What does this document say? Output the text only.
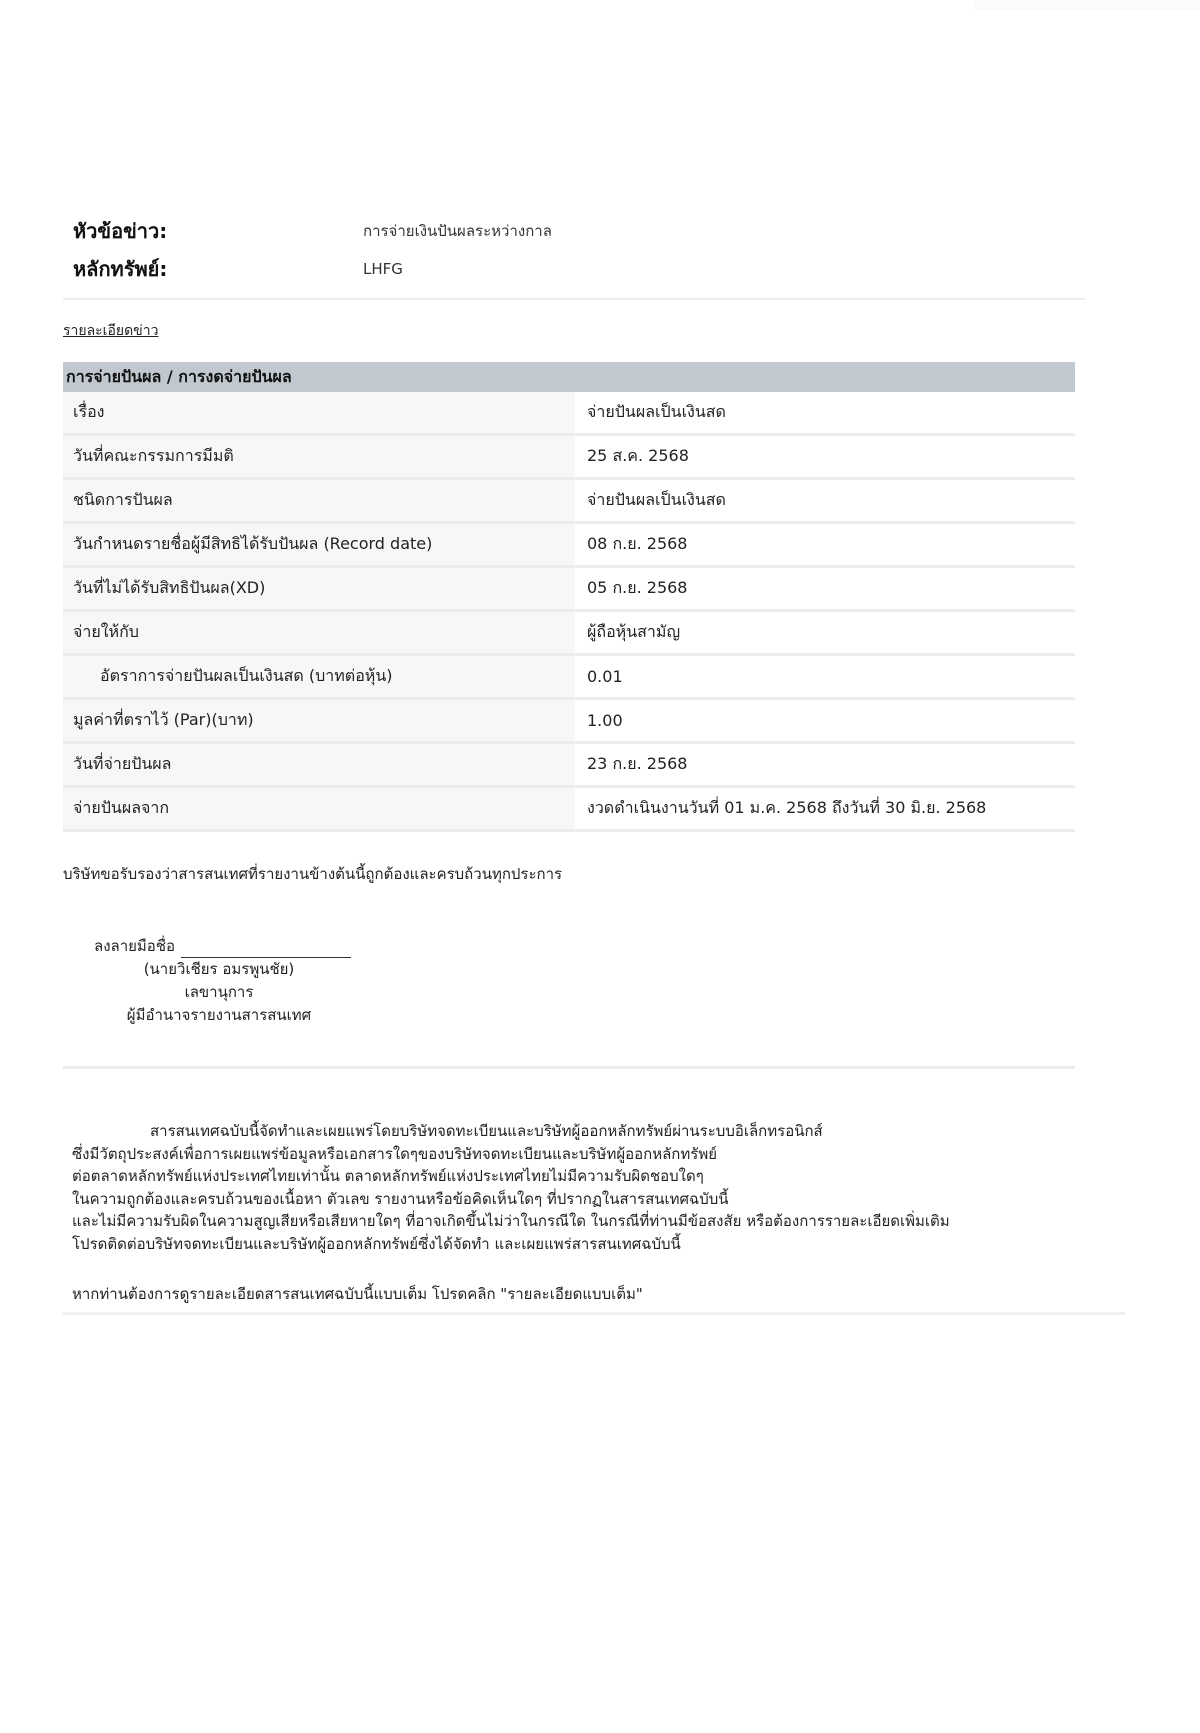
หัวข้อข่าว:	การจ่ายเงินปันผลระหว่างกาล
หลักทรัพย์:	LHFG
รายละเอียดข่าว
การจ่ายปันผล / การงดจ่ายปันผล
เรื่อง	จ่ายปันผลเป็นเงินสด
วันที่คณะกรรมการมีมติ	25 ส.ค. 2568
ชนิดการปันผล	จ่ายปันผลเป็นเงินสด
วันกำหนดรายชื่อผู้มีสิทธิได้รับปันผล (Record date)	08 ก.ย. 2568
วันที่ไม่ได้รับสิทธิปันผล(XD)	05 ก.ย. 2568
จ่ายให้กับ	ผู้ถือหุ้นสามัญ
อัตราการจ่ายปันผลเป็นเงินสด (บาทต่อหุ้น)	0.01
มูลค่าที่ตราไว้ (Par)(บาท)	1.00
วันที่จ่ายปันผล	23 ก.ย. 2568
จ่ายปันผลจาก	งวดดำเนินงานวันที่ 01 ม.ค. 2568 ถึงวันที่ 30 มิ.ย. 2568
บริษัทขอรับรองว่าสารสนเทศที่รายงานข้างต้นนี้ถูกต้องและครบถ้วนทุกประการ
ลงลายมือชื่อ
(นายวิเชียร อมรพูนชัย)
เลขานุการ
ผู้มีอำนาจรายงานสารสนเทศ

สารสนเทศฉบับนี้จัดทำและเผยแพร่โดยบริษัทจดทะเบียนและบริษัทผู้ออกหลักทรัพย์ผ่านระบบอิเล็กทรอนิกส์

ซึ่งมีวัตถุประสงค์เพื่อการเผยแพร่ข้อมูลหรือเอกสารใดๆของบริษัทจดทะเบียนและบริษัทผู้ออกหลักทรัพย์

ต่อตลาดหลักทรัพย์แห่งประเทศไทยเท่านั้น ตลาดหลักทรัพย์แห่งประเทศไทยไม่มีความรับผิดชอบใดๆ

ในความถูกต้องและครบถ้วนของเนื้อหา ตัวเลข รายงานหรือข้อคิดเห็นใดๆ ที่ปรากฏในสารสนเทศฉบับนี้

และไม่มีความรับผิดในความสูญเสียหรือเสียหายใดๆ ที่อาจเกิดขึ้นไม่ว่าในกรณีใด ในกรณีที่ท่านมีข้อสงสัย หรือต้องการรายละเอียดเพิ่มเติม

โปรดติดต่อบริษัทจดทะเบียนและบริษัทผู้ออกหลักทรัพย์ซึ่งได้จัดทำ และเผยแพร่สารสนเทศฉบับนี้

หากท่านต้องการดูรายละเอียดสารสนเทศฉบับนี้แบบเต็ม โปรดคลิก "รายละเอียดแบบเต็ม"
